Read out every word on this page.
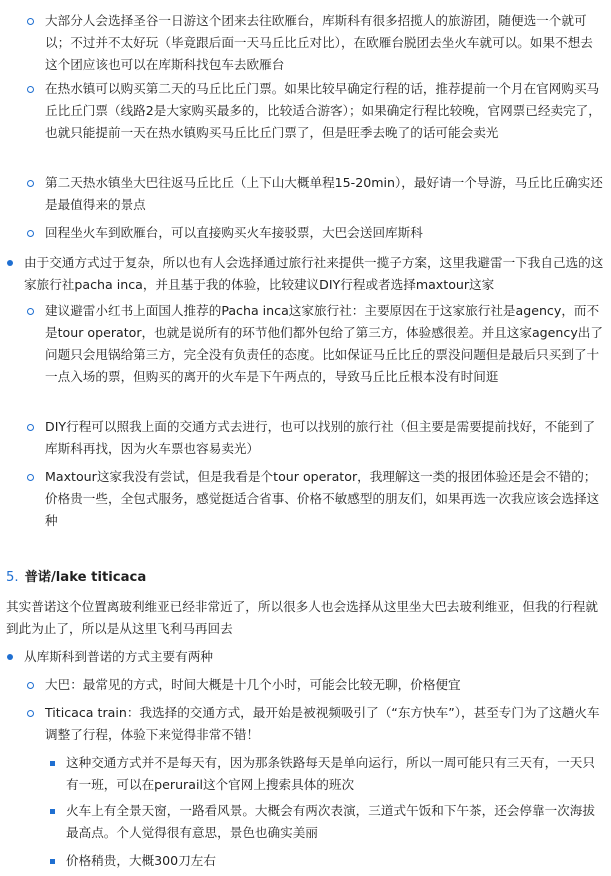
大部分人会选择圣谷一日游这个团来去往欧雁台，库斯科有很多招揽人的旅游团，随便选一个就可以；不过并不太好玩（毕竟跟后面一天马丘比丘对比），在欧雁台脱团去坐火车就可以。如果不想去这个团应该也可以在库斯科找包车去欧雁台
在热水镇可以购买第二天的马丘比丘门票。如果比较早确定行程的话，推荐提前一个月在官网购买马丘比丘门票（线路2是大家购买最多的，比较适合游客）；如果确定行程比较晚，官网票已经卖完了，也就只能提前一天在热水镇购买马丘比丘门票了，但是旺季去晚了的话可能会卖光
第二天热水镇坐大巴往返马丘比丘（上下山大概单程15-20min），最好请一个导游，马丘比丘确实还是最值得来的景点
回程坐火车到欧雁台，可以直接购买火车接驳票，大巴会送回库斯科
由于交通方式过于复杂，所以也有人会选择通过旅行社来提供一揽子方案，这里我避雷一下我自己选的这家旅行社pacha inca，并且基于我的体验，比较建议DIY行程或者选择maxtour这家
建议避雷小红书上面国人推荐的Pacha inca这家旅行社：主要原因在于这家旅行社是agency，而不是tour operator，也就是说所有的环节他们都外包给了第三方，体验感很差。并且这家agency出了问题只会甩锅给第三方，完全没有负责任的态度。比如保证马丘比丘的票没问题但是最后只买到了十一点入场的票，但购买的离开的火车是下午两点的，导致马丘比丘根本没有时间逛
DIY行程可以照我上面的交通方式去进行，也可以找别的旅行社（但主要是需要提前找好，不能到了库斯科再找，因为火车票也容易卖光）
Maxtour这家我没有尝试，但是我看是个tour operator，我理解这一类的报团体验还是会不错的；价格贵一些，全包式服务，感觉挺适合省事、价格不敏感型的朋友们，如果再选一次我应该会选择这种
5. 普诺/lake titicaca
其实普诺这个位置离玻利维亚已经非常近了，所以很多人也会选择从这里坐大巴去玻利维亚，但我的行程就到此为止了，所以是从这里飞利马再回去
从库斯科到普诺的方式主要有两种
大巴：最常见的方式，时间大概是十几个小时，可能会比较无聊，价格便宜
Titicaca train：我选择的交通方式，最开始是被视频吸引了（“东方快车”），甚至专门为了这趟火车调整了行程，体验下来觉得非常不错！
这种交通方式并不是每天有，因为那条铁路每天是单向运行，所以一周可能只有三天有，一天只有一班，可以在perurail这个官网上搜索具体的班次
火车上有全景天窗，一路看风景。大概会有两次表演，三道式午饭和下午茶，还会停靠一次海拔最高点。个人觉得很有意思，景色也确实美丽
价格稍贵，大概300刀左右
